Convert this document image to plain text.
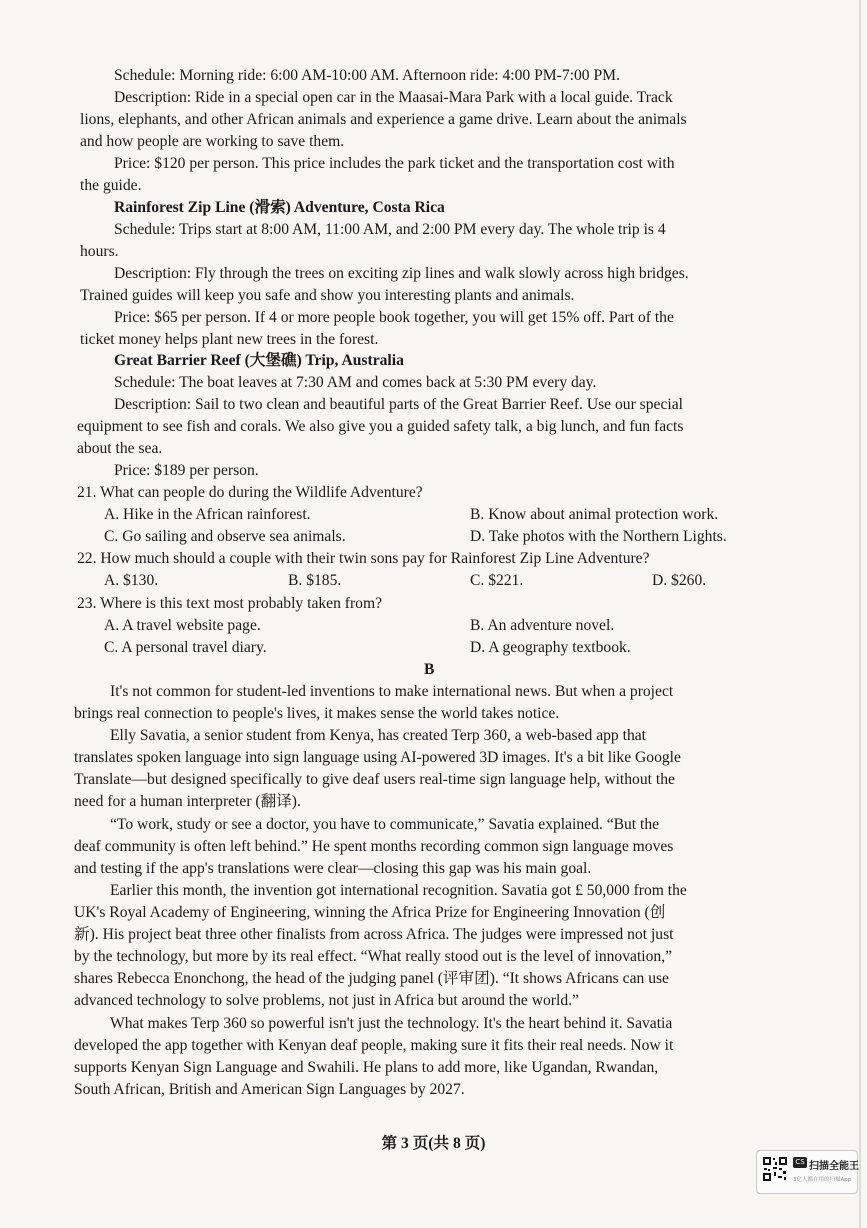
Schedule: Morning ride: 6:00 AM-10:00 AM. Afternoon ride: 4:00 PM-7:00 PM.
Description: Ride in a special open car in the Maasai-Mara Park with a local guide. Track
lions, elephants, and other African animals and experience a game drive. Learn about the animals
and how people are working to save them.
Price: $120 per person. This price includes the park ticket and the transportation cost with
the guide.
Rainforest Zip Line (滑索) Adventure, Costa Rica
Schedule: Trips start at 8:00 AM, 11:00 AM, and 2:00 PM every day. The whole trip is 4
hours.
Description: Fly through the trees on exciting zip lines and walk slowly across high bridges.
Trained guides will keep you safe and show you interesting plants and animals.
Price: $65 per person. If 4 or more people book together, you will get 15% off. Part of the
ticket money helps plant new trees in the forest.
Great Barrier Reef (大堡礁) Trip, Australia
Schedule: The boat leaves at 7:30 AM and comes back at 5:30 PM every day.
Description: Sail to two clean and beautiful parts of the Great Barrier Reef. Use our special
equipment to see fish and corals. We also give you a guided safety talk, a big lunch, and fun facts
about the sea.
Price: $189 per person.
21. What can people do during the Wildlife Adventure?
A. Hike in the African rainforest.	B. Know about animal protection work.
C. Go sailing and observe sea animals.	D. Take photos with the Northern Lights.
22. How much should a couple with their twin sons pay for Rainforest Zip Line Adventure?
A. $130.	B. $185.	C. $221.	D. $260.
23. Where is this text most probably taken from?
A. A travel website page.	B. An adventure novel.
C. A personal travel diary.	D. A geography textbook.
B
It's not common for student-led inventions to make international news. But when a project
brings real connection to people's lives, it makes sense the world takes notice.
Elly Savatia, a senior student from Kenya, has created Terp 360, a web-based app that
translates spoken language into sign language using AI-powered 3D images. It's a bit like Google
Translate—but designed specifically to give deaf users real-time sign language help, without the
need for a human interpreter (翻译).
“To work, study or see a doctor, you have to communicate,” Savatia explained. “But the
deaf community is often left behind.” He spent months recording common sign language moves
and testing if the app's translations were clear—closing this gap was his main goal.
Earlier this month, the invention got international recognition. Savatia got £ 50,000 from the
UK's Royal Academy of Engineering, winning the Africa Prize for Engineering Innovation (创
新). His project beat three other finalists from across Africa. The judges were impressed not just
by the technology, but more by its real effect. “What really stood out is the level of innovation,”
shares Rebecca Enonchong, the head of the judging panel (评审团). “It shows Africans can use
advanced technology to solve problems, not just in Africa but around the world.”
What makes Terp 360 so powerful isn't just the technology. It's the heart behind it. Savatia
developed the app together with Kenyan deaf people, making sure it fits their real needs. Now it
supports Kenyan Sign Language and Swahili. He plans to add more, like Ugandan, Rwandan,
South African, British and American Sign Languages by 2027.
第 3 页(共 8 页)
CS 扫描全能王
3亿人都在用的扫描App
